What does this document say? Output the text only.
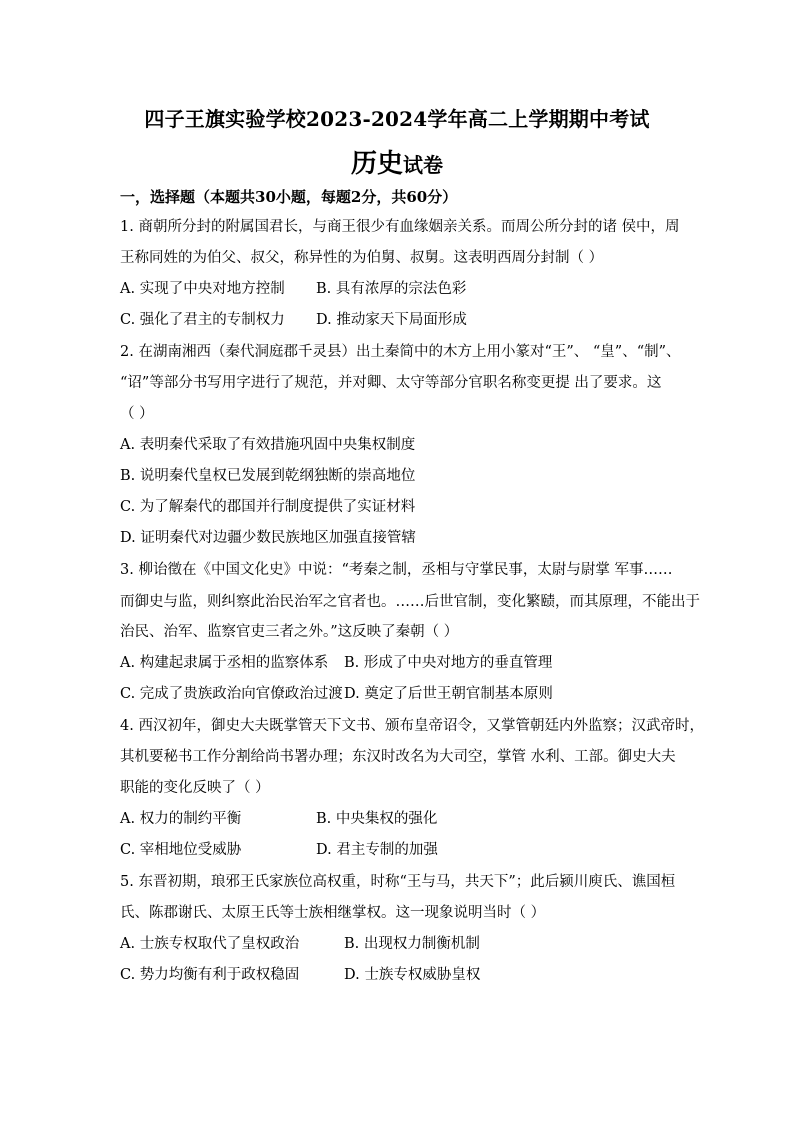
四子王旗实验学校2023-2024学年高二上学期期中考试
历史试卷
一，选择题（本题共30小题，每题2分，共60分）
1. 商朝所分封的附属国君长，与商王很少有血缘姻亲关系。而周公所分封的诸 侯中，周
王称同姓的为伯父、叔父，称异性的为伯舅、叔舅。这表明西周分封制（ ）
A. 实现了中央对地方控制 B. 具有浓厚的宗法色彩
C. 强化了君主的专制权力 D. 推动家天下局面形成
2. 在湖南湘西（秦代洞庭郡千灵县）出土秦简中的木方上用小篆对“王”、 “皇”、“制”、
“诏”等部分书写用字进行了规范，并对卿、太守等部分官职名称变更提 出了要求。这
（ ）
A. 表明秦代采取了有效措施巩固中央集权制度
B. 说明秦代皇权已发展到乾纲独断的崇高地位
C. 为了解秦代的郡国并行制度提供了实证材料
D. 证明秦代对边疆少数民族地区加强直接管辖
3. 柳诒徵在《中国文化史》中说：“考秦之制，丞相与守掌民事，太尉与尉掌 军事……
而御史与监，则纠察此治民治军之官者也。……后世官制，变化繁赜，而其原理，不能出于
治民、治军、监察官吏三者之外。”这反映了秦朝（ ）
A. 构建起隶属于丞相的监察体系 B. 形成了中央对地方的垂直管理
C. 完成了贵族政治向官僚政治过渡 D. 奠定了后世王朝官制基本原则
4. 西汉初年，御史大夫既掌管天下文书、颁布皇帝诏令，又掌管朝廷内外监察；汉武帝时，
其机要秘书工作分割给尚书署办理；东汉时改名为大司空，掌管 水利、工部。御史大夫
职能的变化反映了（ ）
A. 权力的制约平衡	B. 中央集权的强化
C. 宰相地位受威胁	D. 君主专制的加强
5. 东晋初期，琅邪王氏家族位高权重，时称“王与马，共天下”；此后颍川庾氏、谯国桓
氏、陈郡谢氏、太原王氏等士族相继掌权。这一现象说明当时（ ）
A. 士族专权取代了皇权政治	B. 出现权力制衡机制
C. 势力均衡有利于政权稳固	D. 士族专权威胁皇权
